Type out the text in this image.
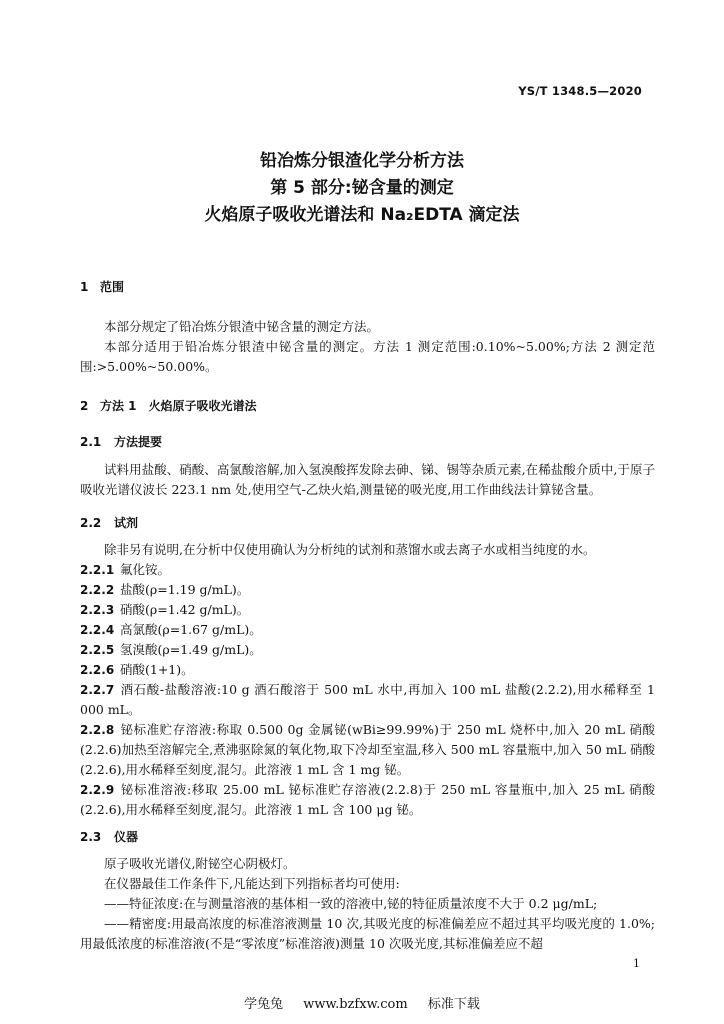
YS/T 1348.5—2020
铅冶炼分银渣化学分析方法
第 5 部分:铋含量的测定
火焰原子吸收光谱法和 Na₂EDTA 滴定法
1 范围
本部分规定了铅冶炼分银渣中铋含量的测定方法。
本部分适用于铅冶炼分银渣中铋含量的测定。方法 1 测定范围:0.10%~5.00%;方法 2 测定范围:>5.00%~50.00%。
2 方法 1　火焰原子吸收光谱法
2.1 方法提要
试料用盐酸、硝酸、高氯酸溶解,加入氢溴酸挥发除去砷、锑、锡等杂质元素,在稀盐酸介质中,于原子吸收光谱仪波长 223.1 nm 处,使用空气-乙炔火焰,测量铋的吸光度,用工作曲线法计算铋含量。
2.2 试剂
除非另有说明,在分析中仅使用确认为分析纯的试剂和蒸馏水或去离子水或相当纯度的水。
2.2.1 氟化铵。
2.2.2 盐酸(ρ=1.19 g/mL)。
2.2.3 硝酸(ρ=1.42 g/mL)。
2.2.4 高氯酸(ρ=1.67 g/mL)。
2.2.5 氢溴酸(ρ=1.49 g/mL)。
2.2.6 硝酸(1+1)。
2.2.7 酒石酸-盐酸溶液:10 g 酒石酸溶于 500 mL 水中,再加入 100 mL 盐酸(2.2.2),用水稀释至 1 000 mL。
2.2.8 铋标准贮存溶液:称取 0.500 0g 金属铋(wBi≥99.99%)于 250 mL 烧杯中,加入 20 mL 硝酸(2.2.6)加热至溶解完全,煮沸驱除氮的氧化物,取下冷却至室温,移入 500 mL 容量瓶中,加入 50 mL 硝酸(2.2.6),用水稀释至刻度,混匀。此溶液 1 mL 含 1 mg 铋。
2.2.9 铋标准溶液:移取 25.00 mL 铋标准贮存溶液(2.2.8)于 250 mL 容量瓶中,加入 25 mL 硝酸(2.2.6),用水稀释至刻度,混匀。此溶液 1 mL 含 100 μg 铋。
2.3 仪器
原子吸收光谱仪,附铋空心阴极灯。
在仪器最佳工作条件下,凡能达到下列指标者均可使用:
——特征浓度:在与测量溶液的基体相一致的溶液中,铋的特征质量浓度不大于 0.2 μg/mL;
——精密度:用最高浓度的标准溶液测量 10 次,其吸光度的标准偏差应不超过其平均吸光度的 1.0%;用最低浓度的标准溶液(不是“零浓度”标准溶液)测量 10 次吸光度,其标准偏差应不超
1
学兔兔 www.bzfxw.com 标准下载
